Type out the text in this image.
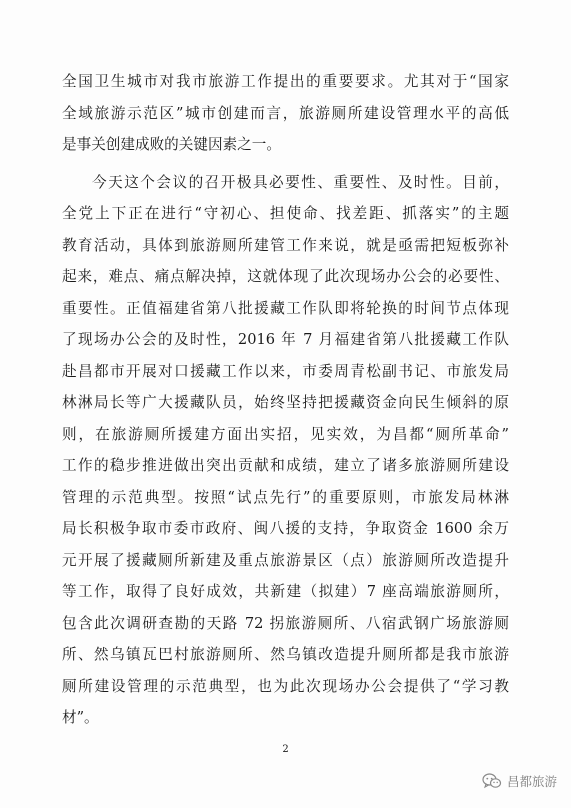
全国卫生城市对我市旅游工作提出的重要要求。尤其对于“国家
全域旅游示范区”城市创建而言，旅游厕所建设管理水平的高低
是事关创建成败的关键因素之一。
今天这个会议的召开极具必要性、重要性、及时性。目前，
全党上下正在进行“守初心、担使命、找差距、抓落实”的主题
教育活动，具体到旅游厕所建管工作来说，就是亟需把短板弥补
起来，难点、痛点解决掉，这就体现了此次现场办公会的必要性、
重要性。正值福建省第八批援藏工作队即将轮换的时间节点体现
了现场办公会的及时性，2016 年 7 月福建省第八批援藏工作队
赴昌都市开展对口援藏工作以来，市委周青松副书记、市旅发局
林淋局长等广大援藏队员，始终坚持把援藏资金向民生倾斜的原
则，在旅游厕所援建方面出实招，见实效，为昌都“厕所革命”
工作的稳步推进做出突出贡献和成绩，建立了诸多旅游厕所建设
管理的示范典型。按照“试点先行”的重要原则，市旅发局林淋
局长积极争取市委市政府、闽八援的支持，争取资金 1600 余万
元开展了援藏厕所新建及重点旅游景区（点）旅游厕所改造提升
等工作，取得了良好成效，共新建（拟建）7 座高端旅游厕所，
包含此次调研查勘的天路 72 拐旅游厕所、八宿武钢广场旅游厕
所、然乌镇瓦巴村旅游厕所、然乌镇改造提升厕所都是我市旅游
厕所建设管理的示范典型，也为此次现场办公会提供了“学习教
材”。
2
昌都旅游
